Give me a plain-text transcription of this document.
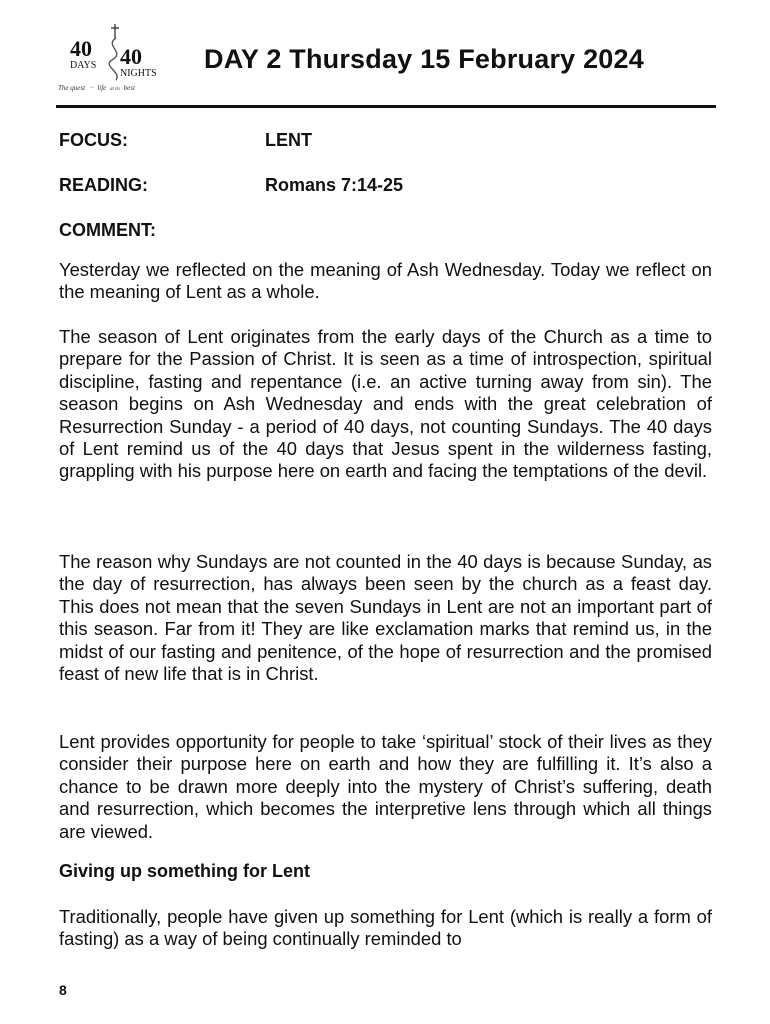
40
DAYS 40
NIGHTS
The quest ~ life at its best
DAY 2 Thursday 15 February 2024
FOCUS:	LENT
READING:	Romans 7:14-25
COMMENT:

Yesterday we reflected on the meaning of Ash Wednesday. Today we reflect on the meaning of Lent as a whole.

The season of Lent originates from the early days of the Church as a time to prepare for the Passion of Christ. It is seen as a time of introspection, spiritual discipline, fasting and repentance (i.e. an active turning away from sin). The season begins on Ash Wednesday and ends with the great celebration of Resurrection Sunday - a period of 40 days, not counting Sundays. The 40 days of Lent remind us of the 40 days that Jesus spent in the wilderness fasting, grappling with his purpose here on earth and facing the temptations of the devil.

The reason why Sundays are not counted in the 40 days is because Sunday, as the day of resurrection, has always been seen by the church as a feast day. This does not mean that the seven Sundays in Lent are not an important part of this season. Far from it! They are like exclamation marks that remind us, in the midst of our fasting and penitence, of the hope of resurrection and the promised feast of new life that is in Christ.

Lent provides opportunity for people to take ‘spiritual’ stock of their lives as they consider their purpose here on earth and how they are fulfilling it. It’s also a chance to be drawn more deeply into the mystery of Christ’s suffering, death and resurrection, which becomes the interpretive lens through which all things are viewed.

Giving up something for Lent

Traditionally, people have given up something for Lent (which is really a form of fasting) as a way of being continually reminded to

8
